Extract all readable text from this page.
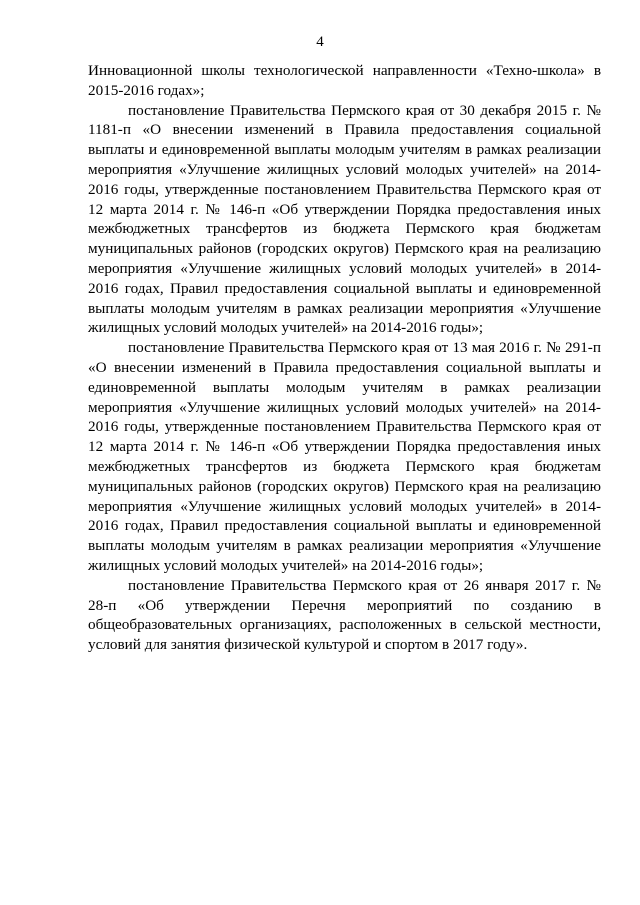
4

Инновационной школы технологической направленности «Техно-школа» в 2015-2016 годах»;

постановление Правительства Пермского края от 30 декабря 2015 г. № 1181-п «О внесении изменений в Правила предоставления социальной выплаты и единовременной выплаты молодым учителям в рамках реализации мероприятия «Улучшение жилищных условий молодых учителей» на 2014-2016 годы, утвержденные постановлением Правительства Пермского края от 12 марта 2014 г. № 146-п «Об утверждении Порядка предоставления иных межбюджетных трансфертов из бюджета Пермского края бюджетам муниципальных районов (городских округов) Пермского края на реализацию мероприятия «Улучшение жилищных условий молодых учителей» в 2014-2016 годах, Правил предоставления социальной выплаты и единовременной выплаты молодым учителям в рамках реализации мероприятия «Улучшение жилищных условий молодых учителей» на 2014-2016 годы»;

постановление Правительства Пермского края от 13 мая 2016 г. № 291-п «О внесении изменений в Правила предоставления социальной выплаты и единовременной выплаты молодым учителям в рамках реализации мероприятия «Улучшение жилищных условий молодых учителей» на 2014-2016 годы, утвержденные постановлением Правительства Пермского края от 12 марта 2014 г. № 146-п «Об утверждении Порядка предоставления иных межбюджетных трансфертов из бюджета Пермского края бюджетам муниципальных районов (городских округов) Пермского края на реализацию мероприятия «Улучшение жилищных условий молодых учителей» в 2014-2016 годах, Правил предоставления социальной выплаты и единовременной выплаты молодым учителям в рамках реализации мероприятия «Улучшение жилищных условий молодых учителей» на 2014-2016 годы»;

постановление Правительства Пермского края от 26 января 2017 г. № 28-п «Об утверждении Перечня мероприятий по созданию в общеобразовательных организациях, расположенных в сельской местности, условий для занятия физической культурой и спортом в 2017 году».
